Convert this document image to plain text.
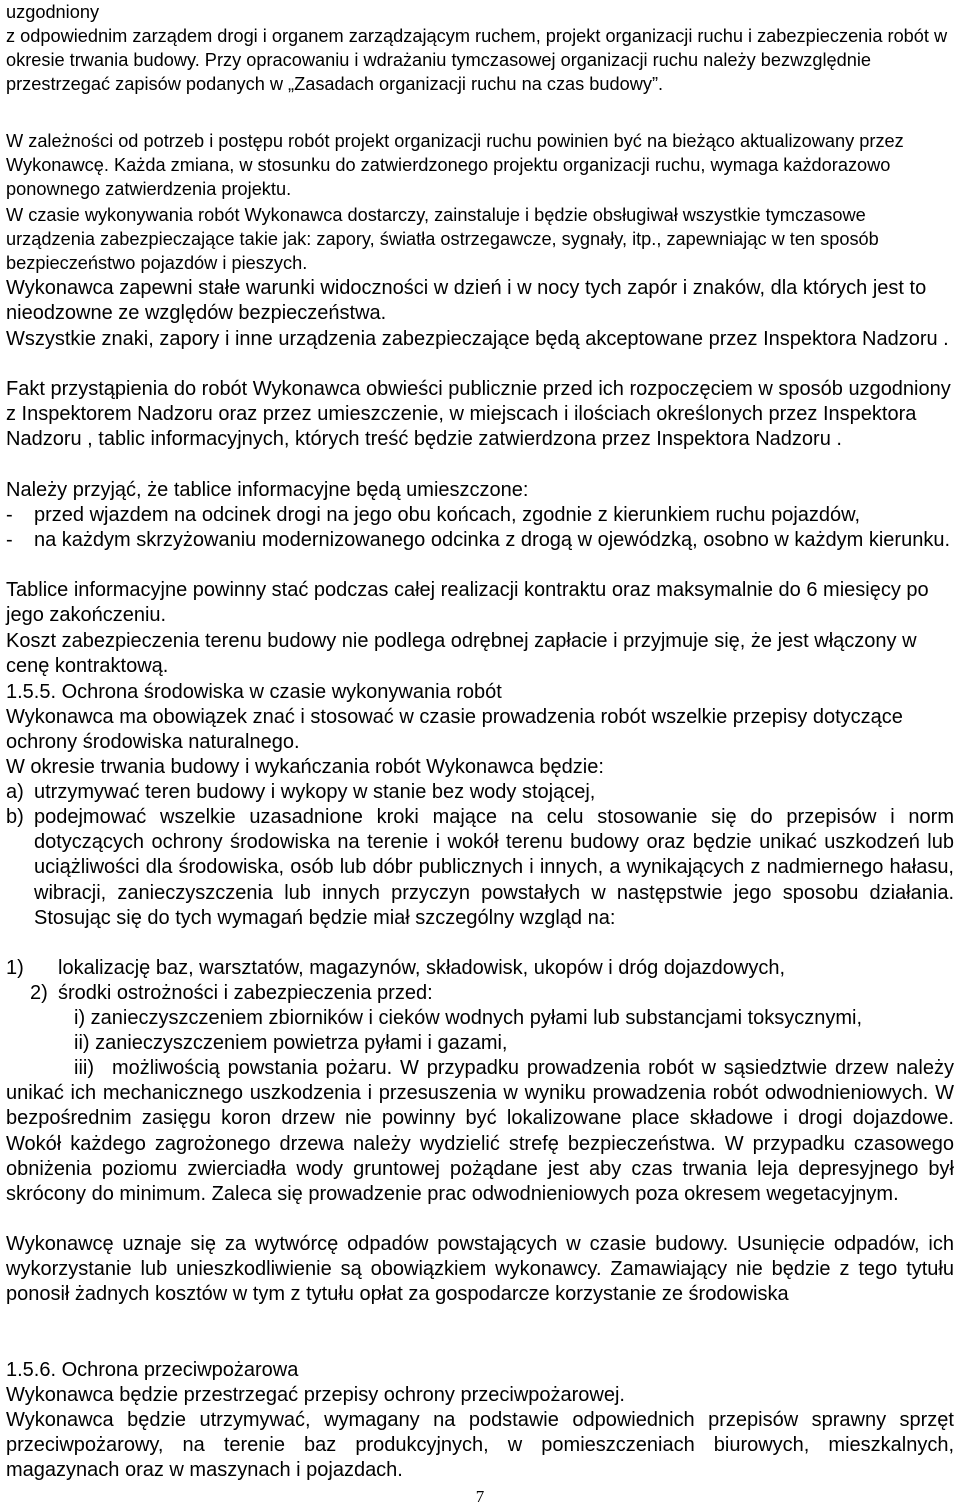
uzgodniony

z odpowiednim zarządem drogi i organem zarządzającym ruchem, projekt organizacji ruchu i zabezpieczenia robót w okresie trwania budowy. Przy opracowaniu i wdrażaniu tymczasowej organizacji ruchu należy bezwzględnie przestrzegać zapisów podanych w „Zasadach organizacji ruchu na czas budowy”.

W zależności od potrzeb i postępu robót projekt organizacji ruchu powinien być na bieżąco aktualizowany przez Wykonawcę. Każda zmiana, w stosunku do zatwierdzonego projektu organizacji ruchu, wymaga każdorazowo ponownego zatwierdzenia projektu.

W czasie wykonywania robót Wykonawca dostarczy, zainstaluje i będzie obsługiwał wszystkie tymczasowe urządzenia zabezpieczające takie jak: zapory, światła ostrzegawcze, sygnały, itp., zapewniając w ten sposób bezpieczeństwo pojazdów i pieszych.

Wykonawca zapewni stałe warunki widoczności w dzień i w nocy tych zapór i znaków, dla których jest to nieodzowne ze względów bezpieczeństwa.

Wszystkie znaki, zapory i inne urządzenia zabezpieczające będą akceptowane przez Inspektora Nadzoru .

Fakt przystąpienia do robót Wykonawca obwieści publicznie przed ich rozpoczęciem w sposób uzgodniony z Inspektorem Nadzoru oraz przez umieszczenie, w miejscach i ilościach określonych przez Inspektora Nadzoru , tablic informacyjnych, których treść będzie zatwierdzona przez Inspektora Nadzoru .

Należy przyjąć, że tablice informacyjne będą umieszczone:

- przed wjazdem na odcinek drogi na jego obu końcach, zgodnie z kierunkiem ruchu pojazdów,

- na każdym skrzyżowaniu modernizowanego odcinka z drogą w ojewódzką, osobno w każdym kierunku.

Tablice informacyjne powinny stać podczas całej realizacji kontraktu oraz maksymalnie do 6 miesięcy po jego zakończeniu.

Koszt zabezpieczenia terenu budowy nie podlega odrębnej zapłacie i przyjmuje się, że jest włączony w cenę kontraktową.

1.5.5. Ochrona środowiska w czasie wykonywania robót

Wykonawca ma obowiązek znać i stosować w czasie prowadzenia robót wszelkie przepisy dotyczące ochrony środowiska naturalnego.

W okresie trwania budowy i wykańczania robót Wykonawca będzie:

a) utrzymywać teren budowy i wykopy w stanie bez wody stojącej,

b) podejmować wszelkie uzasadnione kroki mające na celu stosowanie się do przepisów i norm dotyczących ochrony środowiska na terenie i wokół terenu budowy oraz będzie unikać uszkodzeń lub uciążliwości dla środowiska, osób lub dóbr publicznych i innych, a wynikających z nadmiernego hałasu, wibracji, zanieczyszczenia lub innych przyczyn powstałych w następstwie jego sposobu działania. Stosując się do tych wymagań będzie miał szczególny wzgląd na:

1) lokalizację baz, warsztatów, magazynów, składowisk, ukopów i dróg dojazdowych,

2) środki ostrożności i zabezpieczenia przed:

i) zanieczyszczeniem zbiorników i cieków wodnych pyłami lub substancjami toksycznymi,

ii) zanieczyszczeniem powietrza pyłami i gazami,

iii) możliwością powstania pożaru. W przypadku prowadzenia robót w sąsiedztwie drzew należy unikać ich mechanicznego uszkodzenia i przesuszenia w wyniku prowadzenia robót odwodnieniowych. W bezpośrednim zasięgu koron drzew nie powinny być lokalizowane place składowe i drogi dojazdowe. Wokół każdego zagrożonego drzewa należy wydzielić strefę bezpieczeństwa. W przypadku czasowego obniżenia poziomu zwierciadła wody gruntowej pożądane jest aby czas trwania leja depresyjnego był skrócony do minimum. Zaleca się prowadzenie prac odwodnieniowych poza okresem wegetacyjnym.

Wykonawcę uznaje się za wytwórcę odpadów powstających w czasie budowy. Usunięcie odpadów, ich wykorzystanie lub unieszkodliwienie są obowiązkiem wykonawcy. Zamawiający nie będzie z tego tytułu ponosił żadnych kosztów w tym z tytułu opłat za gospodarcze korzystanie ze środowiska

1.5.6. Ochrona przeciwpożarowa

Wykonawca będzie przestrzegać przepisy ochrony przeciwpożarowej.

Wykonawca będzie utrzymywać, wymagany na podstawie odpowiednich przepisów sprawny sprzęt przeciwpożarowy, na terenie baz produkcyjnych, w pomieszczeniach biurowych, mieszkalnych, magazynach oraz w maszynach i pojazdach.

7
